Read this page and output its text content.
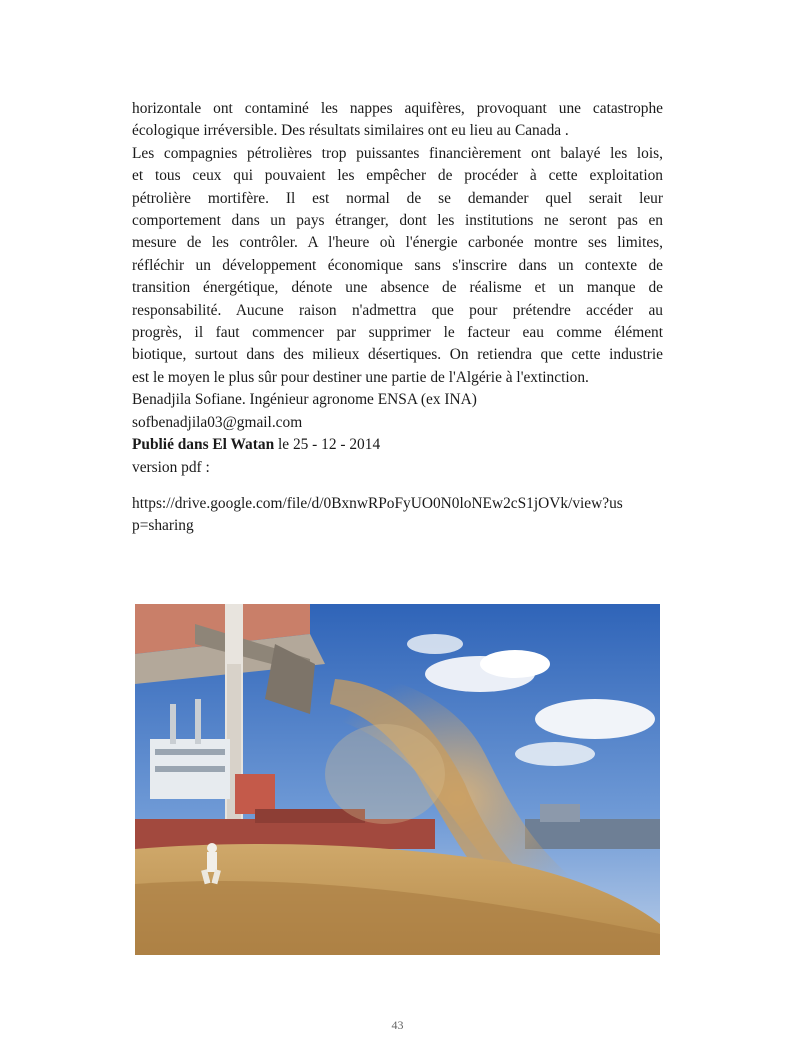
horizontale ont contaminé les nappes aquifères, provoquant une catastrophe
écologique irréversible. Des résultats similaires ont eu lieu au Canada .
Les compagnies pétrolières trop puissantes financièrement ont balayé les lois,
et tous ceux qui pouvaient les empêcher de procéder à cette exploitation
pétrolière mortifère. Il est normal de se demander quel serait leur
comportement dans un pays étranger, dont les institutions ne seront pas en
mesure de les contrôler. A l'heure où l'énergie carbonée montre ses limites,
réfléchir un développement économique sans s'inscrire dans un contexte de
transition énergétique, dénote une absence de réalisme et un manque de
responsabilité. Aucune raison n'admettra que pour prétendre accéder au
progrès, il faut commencer par supprimer le facteur eau comme élément
biotique, surtout dans des milieux désertiques. On retiendra que cette industrie
est le moyen le plus sûr pour destiner une partie de l'Algérie à l'extinction.

Benadjila Sofiane. Ingénieur agronome ENSA (ex INA)

sofbenadjila03@gmail.com

Publié dans El Watan le 25 - 12 - 2014

version pdf :

https://drive.google.com/file/d/0BxnwRPoFyUO0N0loNEw2cS1jOVk/view?us
p=sharing
43
